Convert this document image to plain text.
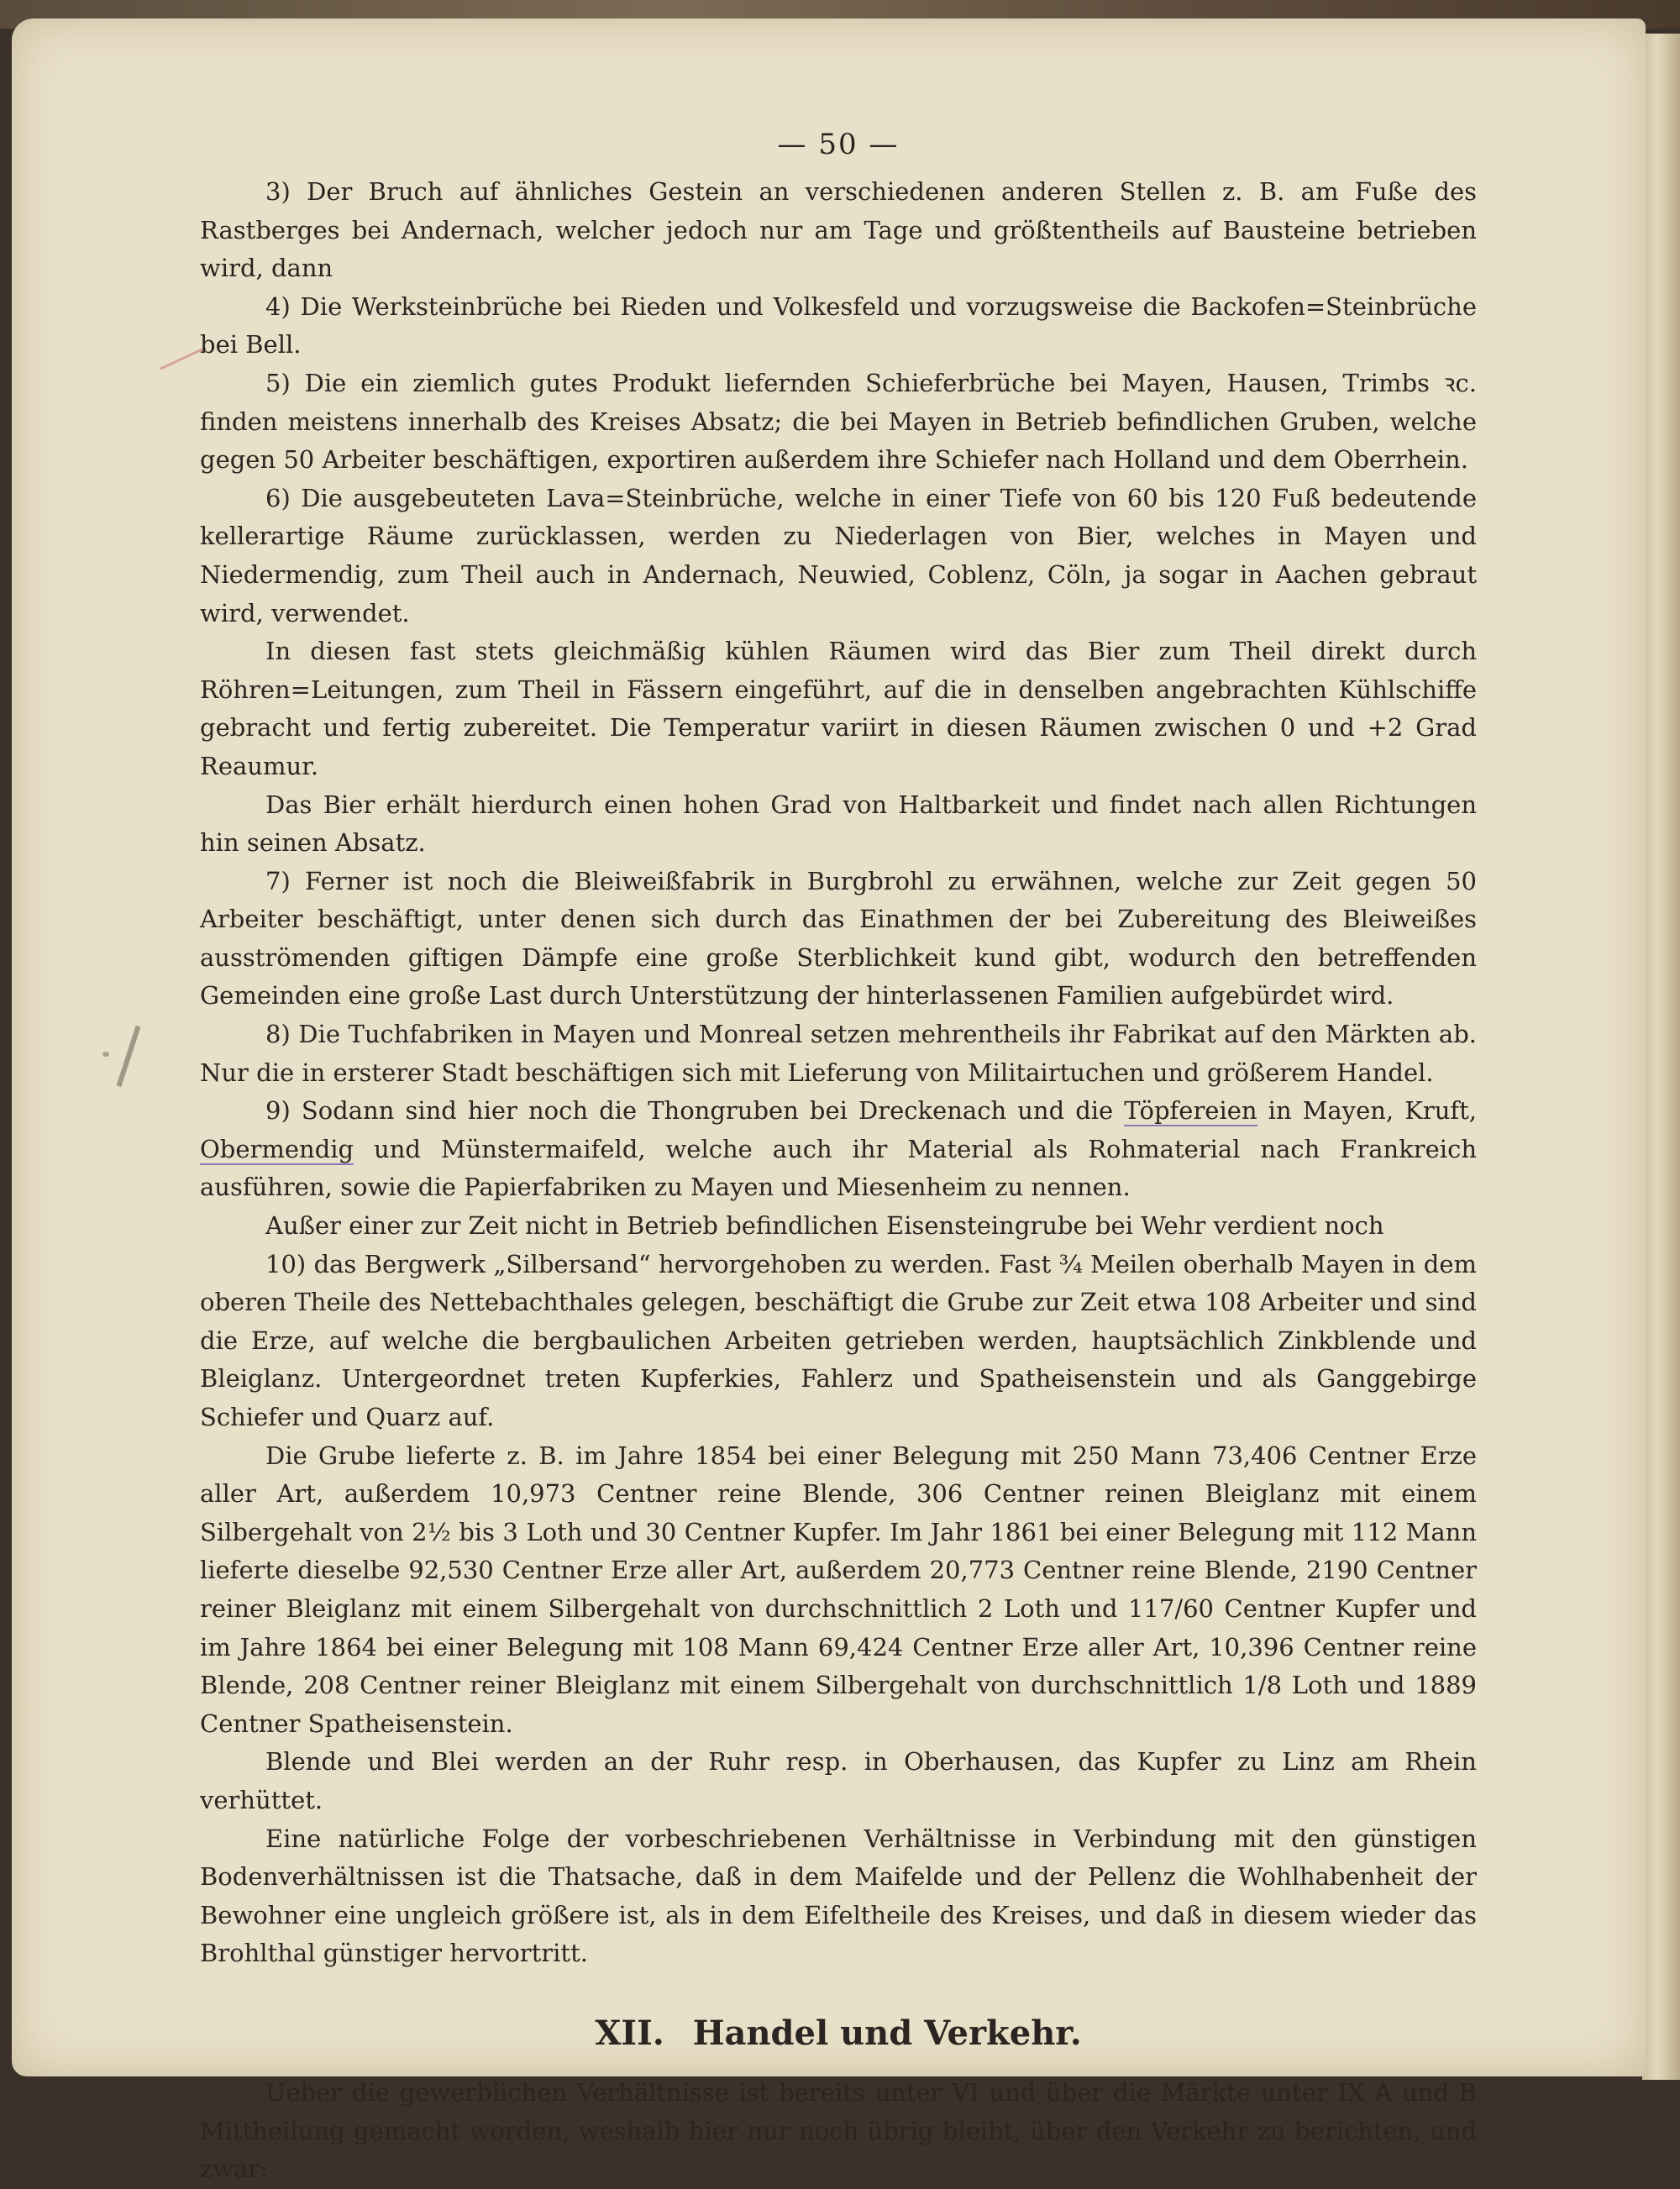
— 50 —

3) Der Bruch auf ähnliches Gestein an verschiedenen anderen Stellen z. B. am Fuße des Rastberges bei Andernach, welcher jedoch nur am Tage und größtentheils auf Bausteine betrieben wird, dann

4) Die Werksteinbrüche bei Rieden und Volkesfeld und vorzugsweise die Backofen=Steinbrüche bei Bell.

5) Die ein ziemlich gutes Produkt liefernden Schieferbrüche bei Mayen, Hausen, Trimbs ꝛc. finden meistens innerhalb des Kreises Absatz; die bei Mayen in Betrieb befindlichen Gruben, welche gegen 50 Arbeiter beschäftigen, exportiren außerdem ihre Schiefer nach Holland und dem Oberrhein.

6) Die ausgebeuteten Lava=Steinbrüche, welche in einer Tiefe von 60 bis 120 Fuß bedeutende kellerartige Räume zurücklassen, werden zu Niederlagen von Bier, welches in Mayen und Niedermendig, zum Theil auch in Andernach, Neuwied, Coblenz, Cöln, ja sogar in Aachen gebraut wird, verwendet.

In diesen fast stets gleichmäßig kühlen Räumen wird das Bier zum Theil direkt durch Röhren=Leitungen, zum Theil in Fässern eingeführt, auf die in denselben angebrachten Kühlschiffe gebracht und fertig zubereitet. Die Temperatur variirt in diesen Räumen zwischen 0 und +2 Grad Reaumur.

Das Bier erhält hierdurch einen hohen Grad von Haltbarkeit und findet nach allen Richtungen hin seinen Absatz.

7) Ferner ist noch die Bleiweißfabrik in Burgbrohl zu erwähnen, welche zur Zeit gegen 50 Arbeiter beschäftigt, unter denen sich durch das Einathmen der bei Zubereitung des Bleiweißes ausströmenden giftigen Dämpfe eine große Sterblichkeit kund gibt, wodurch den betreffenden Gemeinden eine große Last durch Unterstützung der hinterlassenen Familien aufgebürdet wird.

8) Die Tuchfabriken in Mayen und Monreal setzen mehrentheils ihr Fabrikat auf den Märkten ab. Nur die in ersterer Stadt beschäftigen sich mit Lieferung von Militairtuchen und größerem Handel.

9) Sodann sind hier noch die Thongruben bei Dreckenach und die Töpfereien in Mayen, Kruft, Obermendig und Münstermaifeld, welche auch ihr Material als Rohmaterial nach Frankreich ausführen, sowie die Papierfabriken zu Mayen und Miesenheim zu nennen.

Außer einer zur Zeit nicht in Betrieb befindlichen Eisensteingrube bei Wehr verdient noch

10) das Bergwerk „Silbersand“ hervorgehoben zu werden. Fast ¾ Meilen oberhalb Mayen in dem oberen Theile des Nettebachthales gelegen, beschäftigt die Grube zur Zeit etwa 108 Arbeiter und sind die Erze, auf welche die bergbaulichen Arbeiten getrieben werden, hauptsächlich Zinkblende und Bleiglanz. Untergeordnet treten Kupferkies, Fahlerz und Spatheisenstein und als Ganggebirge Schiefer und Quarz auf.

Die Grube lieferte z. B. im Jahre 1854 bei einer Belegung mit 250 Mann 73,406 Centner Erze aller Art, außerdem 10,973 Centner reine Blende, 306 Centner reinen Bleiglanz mit einem Silbergehalt von 2½ bis 3 Loth und 30 Centner Kupfer. Im Jahr 1861 bei einer Belegung mit 112 Mann lieferte dieselbe 92,530 Centner Erze aller Art, außerdem 20,773 Centner reine Blende, 2190 Centner reiner Bleiglanz mit einem Silbergehalt von durchschnittlich 2 Loth und 117/60 Centner Kupfer und im Jahre 1864 bei einer Belegung mit 108 Mann 69,424 Centner Erze aller Art, 10,396 Centner reine Blende, 208 Centner reiner Bleiglanz mit einem Silbergehalt von durchschnittlich 1/8 Loth und 1889 Centner Spatheisenstein.

Blende und Blei werden an der Ruhr resp. in Oberhausen, das Kupfer zu Linz am Rhein verhüttet.

Eine natürliche Folge der vorbeschriebenen Verhältnisse in Verbindung mit den günstigen Bodenverhältnissen ist die Thatsache, daß in dem Maifelde und der Pellenz die Wohlhabenheit der Bewohner eine ungleich größere ist, als in dem Eifeltheile des Kreises, und daß in diesem wieder das Brohlthal günstiger hervortritt.

XII. Handel und Verkehr.

Ueber die gewerblichen Verhältnisse ist bereits unter VI und über die Märkte unter IX A und B Mittheilung gemacht worden, weshalb hier nur noch übrig bleibt, über den Verkehr zu berichten, und zwar:
